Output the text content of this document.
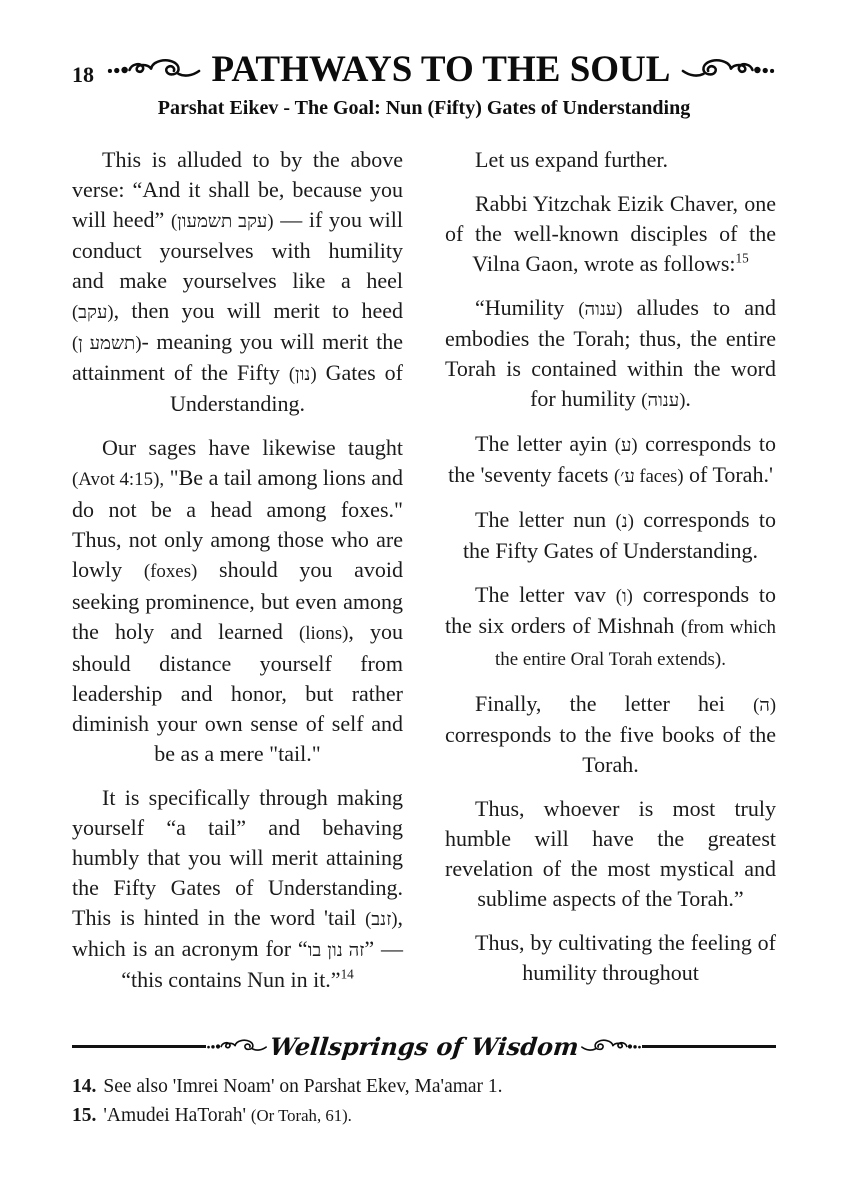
18	PATHWAYS TO THE SOUL
Parshat Eikev - The Goal: Nun (Fifty) Gates of Understanding

This is alluded to by the above verse: “And it shall be, because you will heed” (עקב תשמעון) — if you will conduct yourselves with humility and make yourselves like a heel (עקב), then you will merit to heed (תשמע ן)- meaning you will merit the attainment of the Fifty (נון) Gates of Understanding.

Our sages have likewise taught (Avot 4:15), "Be a tail among lions and do not be a head among foxes." Thus, not only among those who are lowly (foxes) should you avoid seeking prominence, but even among the holy and learned (lions), you should distance yourself from leadership and honor, but rather diminish your own sense of self and be as a mere "tail."

It is specifically through making yourself “a tail” and behaving humbly that you will merit attaining the Fifty Gates of Understanding. This is hinted in the word 'tail (זנב), which is an acronym for “זה נון בו” — “this contains Nun in it.”$^{14}$

Let us expand further.

Rabbi Yitzchak Eizik Chaver, one of the well-known disciples of the Vilna Gaon, wrote as follows:$^{15}$

“Humility (ענוה) alludes to and embodies the Torah; thus, the entire Torah is contained within the word for humility (ענוה).

The letter ayin (ע) corresponds to the 'seventy facets (ע׳ faces) of Torah.'

The letter nun (נ) corresponds to the Fifty Gates of Understanding.

The letter vav (ו) corresponds to the six orders of Mishnah (from which the entire Oral Torah extends).

Finally, the letter hei (ה) corresponds to the five books of the Torah.

Thus, whoever is most truly humble will have the greatest revelation of the most mystical and sublime aspects of the Torah.”

Thus, by cultivating the feeling of humility throughout

Wellsprings of Wisdom

14. See also 'Imrei Noam' on Parshat Ekev, Ma'amar 1.

15. 'Amudei HaTorah' (Or Torah, 61).
